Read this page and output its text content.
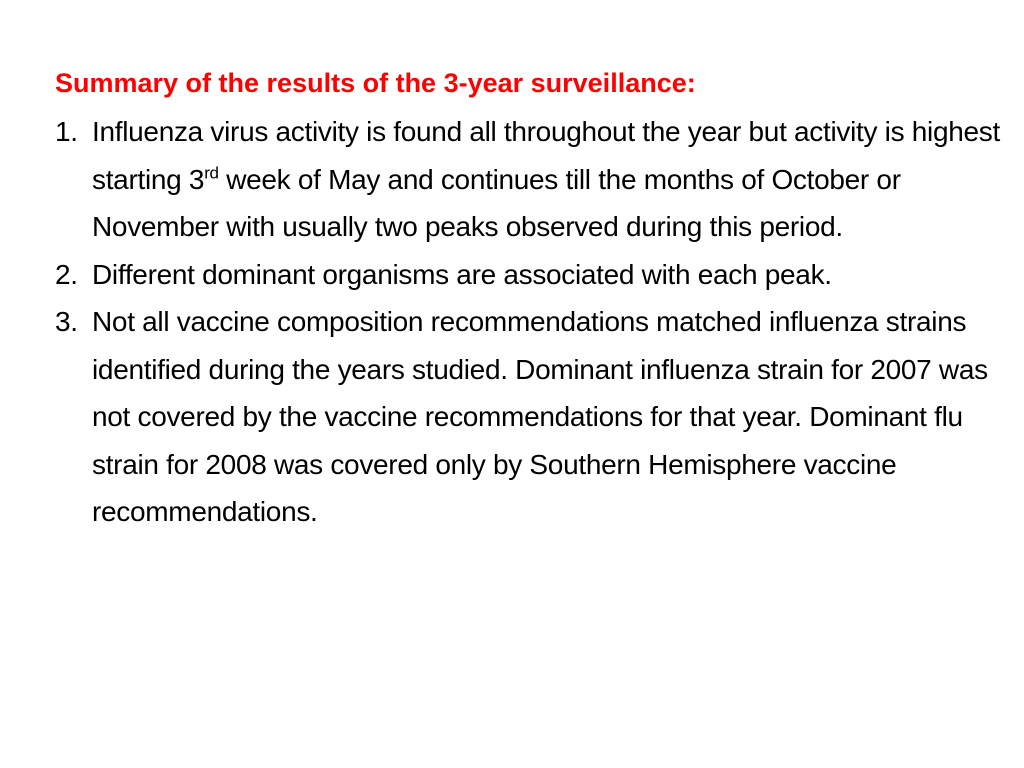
Summary of the results of the 3-year surveillance:
1. Influenza virus activity is found all throughout the year but activity is highest starting 3rd week of May and continues till the months of October or November with usually two peaks observed during this period.
2. Different dominant organisms are associated with each peak.
3. Not all vaccine composition recommendations matched influenza strains identified during the years studied. Dominant influenza strain for 2007 was not covered by the vaccine recommendations for that year. Dominant flu strain for 2008 was covered only by Southern Hemisphere vaccine recommendations.
